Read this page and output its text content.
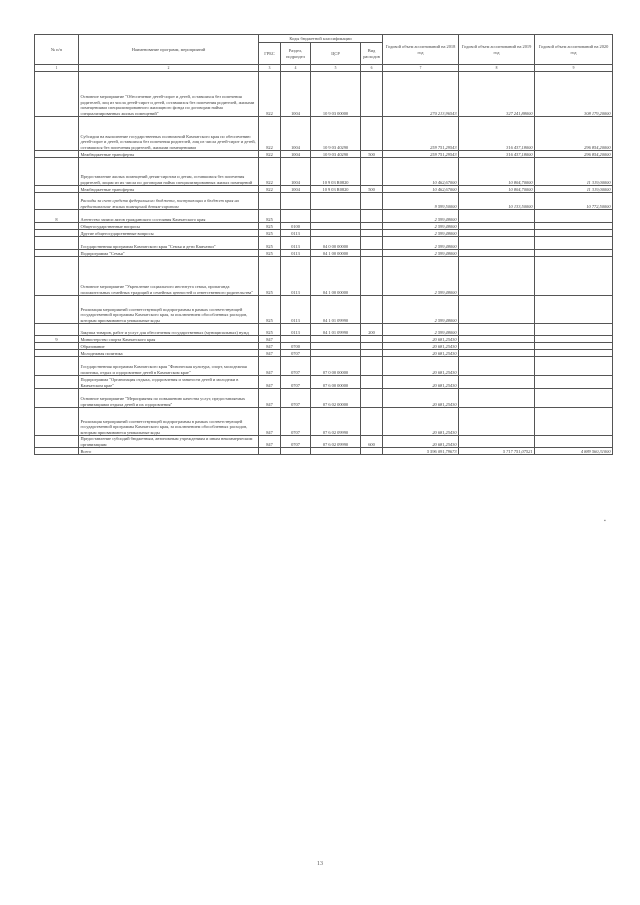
№ п/п	Наименование программ, мероприятий	Коды бюджетной классификации				Годовой объем ассигнований на 2018 год	Годовой объем ассигнований на 2019 год	Годовой объем ассигнований на 2020 год
		ГРБС	Раздел, подраздел	ЦСР	Вид расходов			
1	2	3	4	5	6	7	8	9
	Основное мероприятие "Обеспечение детей-сирот и детей, оставшихся без попечения родителей, лиц из числа детей-сирот и детей, оставшихся без попечения родителей, жилыми помещениями специализированного жилищного фонда по договорам найма специализированных жилых помещений"	822	1004	10 9 03 00000		270 213,96543	327 241,88000	308 179,20000
	Субсидии на выполнение государственных полномочий Камчатского края по обеспечению детей-сирот и детей, оставшихся без попечения родителей, лиц из числа детей-сирот и детей, оставшихся без попечения родителей, жилыми помещениями	822	1004	10 9 03 40290		259 751,29543	316 437,18000	296 854,20000
	Межбюджетные трансферты	822	1004	10 9 03 40290	500	259 751,29543	316 437,18000	296 854,20000
	Предоставление жилых помещений детям-сиротам и детям, оставшимся без попечения родителей, лицам из их числа по договорам найма специализированных жилых помещений	822	1004	10 9 03 R0820		10 462,67000	10 804,70000	11 319,00000
	Межбюджетные трансферты	822	1004	10 9 03 R0820	500	10 462,67000	10 804,70000	11 319,00000
	Расходы за счет средств федерального бюджета, поступающих в бюджет края на предоставление жилых помещений детям-сиротам					9 599,50000	10 133,50000	10 772,50000
8	Агентство записи актов гражданского состояния Камчатского края	825				2 599,48000		
	Общегосударственные вопросы	825	0100			2 599,48000		
	Другие общегосударственные вопросы	825	0113			2 599,48000		
	Государственная программа Камчатского края "Семья и дети Камчатки"	825	0113	04 0 00 00000		2 599,48000		
	Подпрограмма "Семья"	825	0113	04 1 00 00000		2 599,48000		
	Основное мероприятие "Укрепление социального института семьи, пропаганда положительных семейных традиций и семейных ценностей и ответственного родительства"	825	0113	04 1 00 00000		2 599,48000		
	Реализация мероприятий соответствующей подпрограммы в рамках соответствующей государственной программы Камчатского края, за исключением обособленных расходов, которым присваиваются уникальные коды	825	0113	04 1 01 09990		2 599,48000		
	Закупка товаров, работ и услуг для обеспечения государственных (муниципальных) нужд	825	0113	04 1 01 09990	200	2 599,48000		
9	Министерство спорта Камчатского края	847				20 681,25430		
	Образование	847	0700			20 681,25430		
	Молодежная политика	847	0707			20 681,25430		
	Государственная программа Камчатского края "Физическая культура, спорт, молодежная политика, отдых и оздоровление детей в Камчатском крае"	847	0707	07 0 00 00000		20 681,25430		
	Подпрограмма "Организация отдыха, оздоровления и занятости детей и молодежи в Камчатском крае"	847	0707	07 6 00 00000		20 681,25430		
	Основное мероприятие "Мероприятия по повышению качества услуг, предоставляемых организациями отдыха детей и их оздоровления"	847	0707	07 6 02 00000		20 681,25430		
	Реализация мероприятий соответствующей подпрограммы в рамках соответствующей государственной программы Камчатского края, за исключением обособленных расходов, которым присваиваются уникальные коды	847	0707	07 6 02 09990		20 681,25430		
	Предоставление субсидий бюджетным, автономным учреждениям и иным некоммерческим организациям	847	0707	07 6 02 09990	600	20 681,25430		
	Всего					5 596 091,79673	5 717 751,07521	4 889 560,31000
13
▪
